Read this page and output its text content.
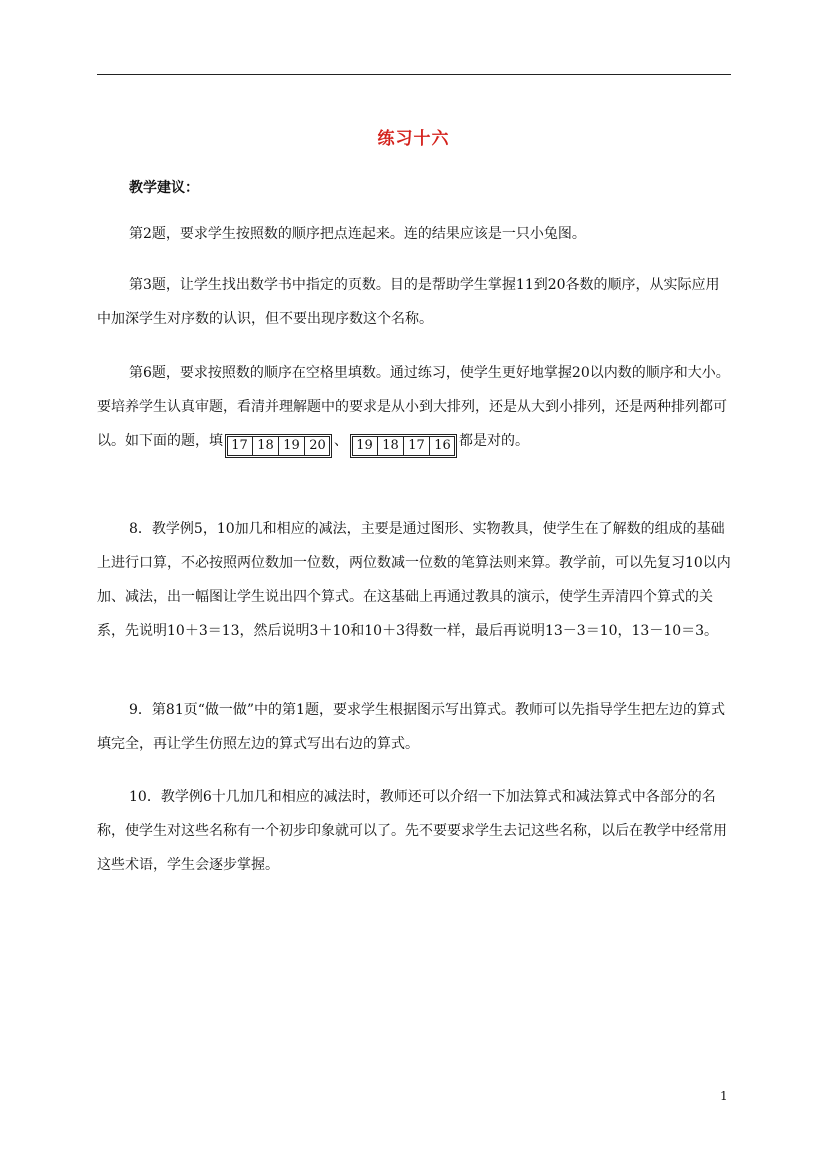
练习十六
教学建议：

第2题，要求学生按照数的顺序把点连起来。连的结果应该是一只小兔图。

第3题，让学生找出数学书中指定的页数。目的是帮助学生掌握11到20各数的顺序，从实际应用中加深学生对序数的认识，但不要出现序数这个名称。

第6题，要求按照数的顺序在空格里填数。通过练习，使学生更好地掌握20以内数的顺序和大小。要培养学生认真审题，看清并理解题中的要求是从小到大排列，还是从大到小排列，还是两种排列都可以。如下面的题，填 17 18 19 20 、 19 18 17 16 都是对的。

8．教学例5，10加几和相应的减法，主要是通过图形、实物教具，使学生在了解数的组成的基础上进行口算，不必按照两位数加一位数，两位数减一位数的笔算法则来算。教学前，可以先复习10以内加、减法，出一幅图让学生说出四个算式。在这基础上再通过教具的演示，使学生弄清四个算式的关系，先说明10＋3＝13，然后说明3＋10和10＋3得数一样，最后再说明13－3＝10，13－10＝3。

9．第81页“做一做”中的第1题，要求学生根据图示写出算式。教师可以先指导学生把左边的算式填完全，再让学生仿照左边的算式写出右边的算式。

10．教学例6十几加几和相应的减法时，教师还可以介绍一下加法算式和减法算式中各部分的名称，使学生对这些名称有一个初步印象就可以了。先不要要求学生去记这些名称，以后在教学中经常用这些术语，学生会逐步掌握。

1
